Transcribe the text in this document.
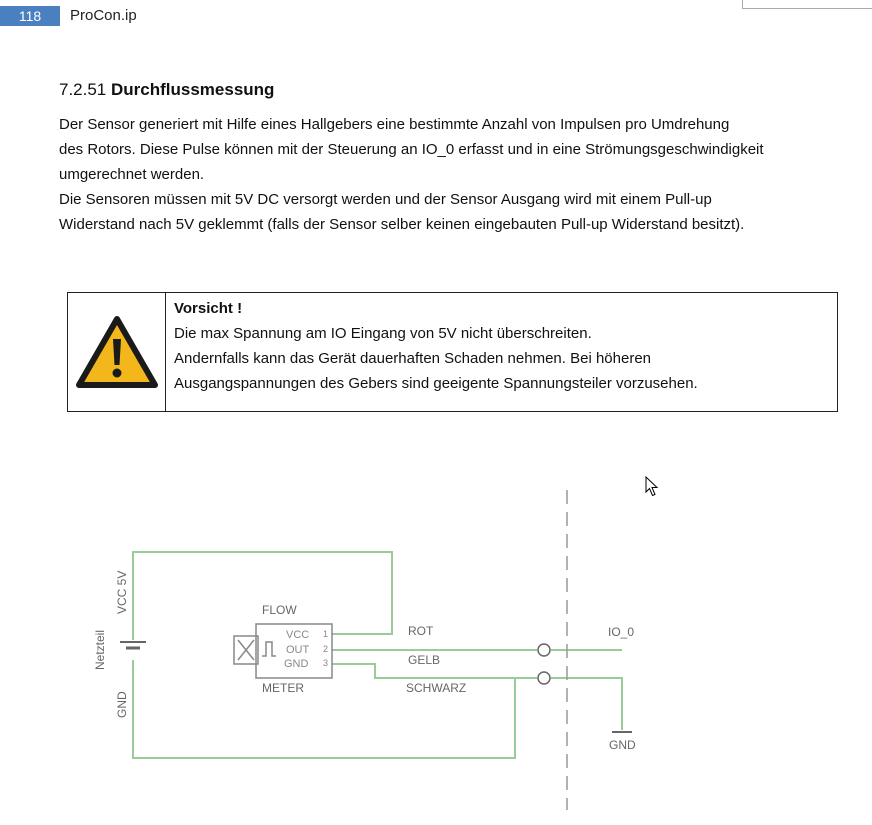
118	ProCon.ip
7.2.51 Durchflussmessung

Der Sensor generiert mit Hilfe eines Hallgebers eine bestimmte Anzahl von Impulsen pro Umdrehung

des Rotors. Diese Pulse können mit der Steuerung an IO_0 erfasst und in eine Strömungsgeschwindigkeit

umgerechnet werden.

Die Sensoren müssen mit 5V DC versorgt werden und der Sensor Ausgang wird mit einem Pull-up

Widerstand nach 5V geklemmt (falls der Sensor selber keinen eingebauten Pull-up Widerstand besitzt).

Vorsicht !
Die max Spannung am IO Eingang von 5V nicht überschreiten.
Andernfalls kann das Gerät dauerhaften Schaden nehmen. Bei höheren
Ausgangspannungen des Gebers sind geeigente Spannungsteiler vorzusehen.
Netzteil
VCC 5V
GND
FLOW
METER
VCC
OUT
GND
1
2
3
ROT
GELB
SCHWARZ
IO_0
GND
